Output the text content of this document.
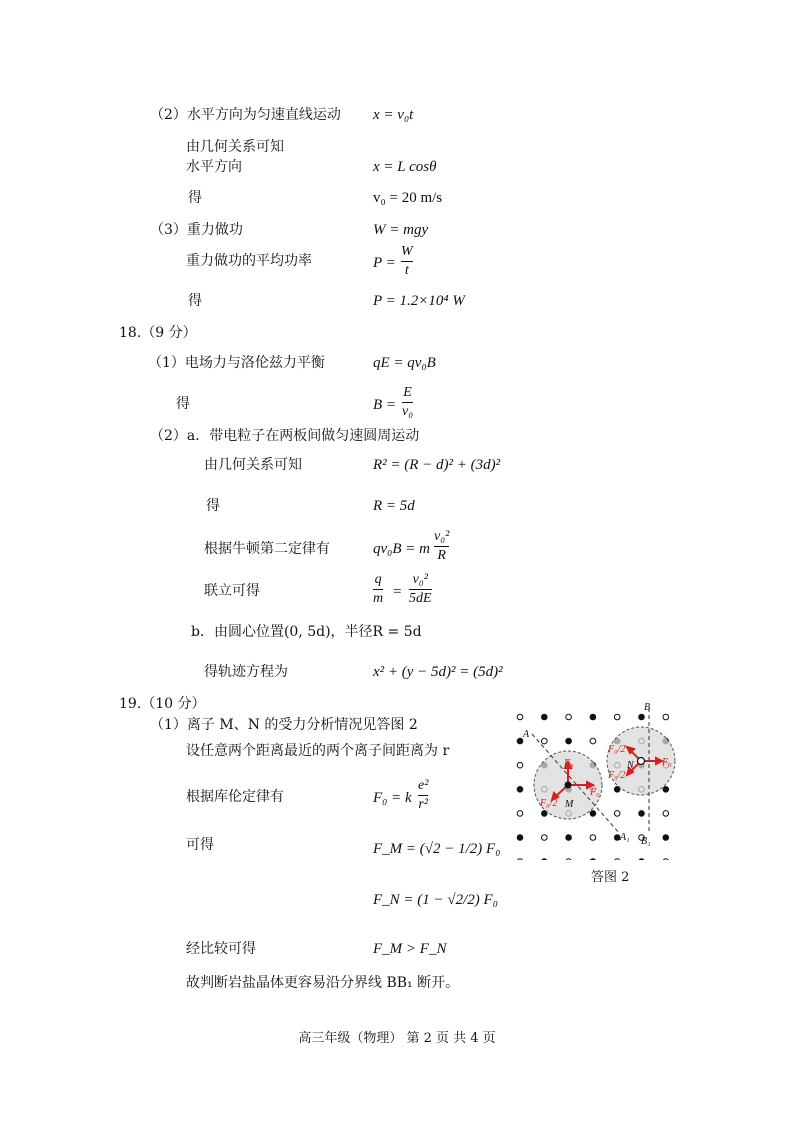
（2）水平方向为匀速直线运动 x = v₀t
由几何关系可知
水平方向	x = L cosθ
得	v₀ = 20 m/s
（3）重力做功	W = mgy
重力做功的平均功率	P =
W
t
得	P = 1.2×10⁴ W
18.（9 分）
（1）电场力与洛伦兹力平衡	qE = qv₀B
得	B =
E
v₀
（2）a．带电粒子在两板间做匀速圆周运动
由几何关系可知	R² = (R − d)² + (3d)²
得	R = 5d
根据牛顿第二定律有	qv₀B = m
v₀²
R
联立可得
q
m =
v₀²
5dE
b．由圆心位置(0, 5d)，半径R = 5d
得轨迹方程为	x² + (y − 5d)² = (5d)²
19.（10 分）
（1）离子 M、N 的受力分析情况见答图 2
设任意两个距离最近的两个离子间距离为 r
根据库伦定律有	F₀ = k
e²
r²
可得	F_M = (√2 − 1/2) F₀
F_N = (1 − √2/2) F₀
经比较可得	F_M > F_N
故判断岩盐晶体更容易沿分界线 BB₁ 断开。
A
A₁
B
B₁
M
N
F₀
F₀
F₀/2
F₀
F₀/2
F₀/2
答图 2
高三年级（物理） 第 2 页 共 4 页
